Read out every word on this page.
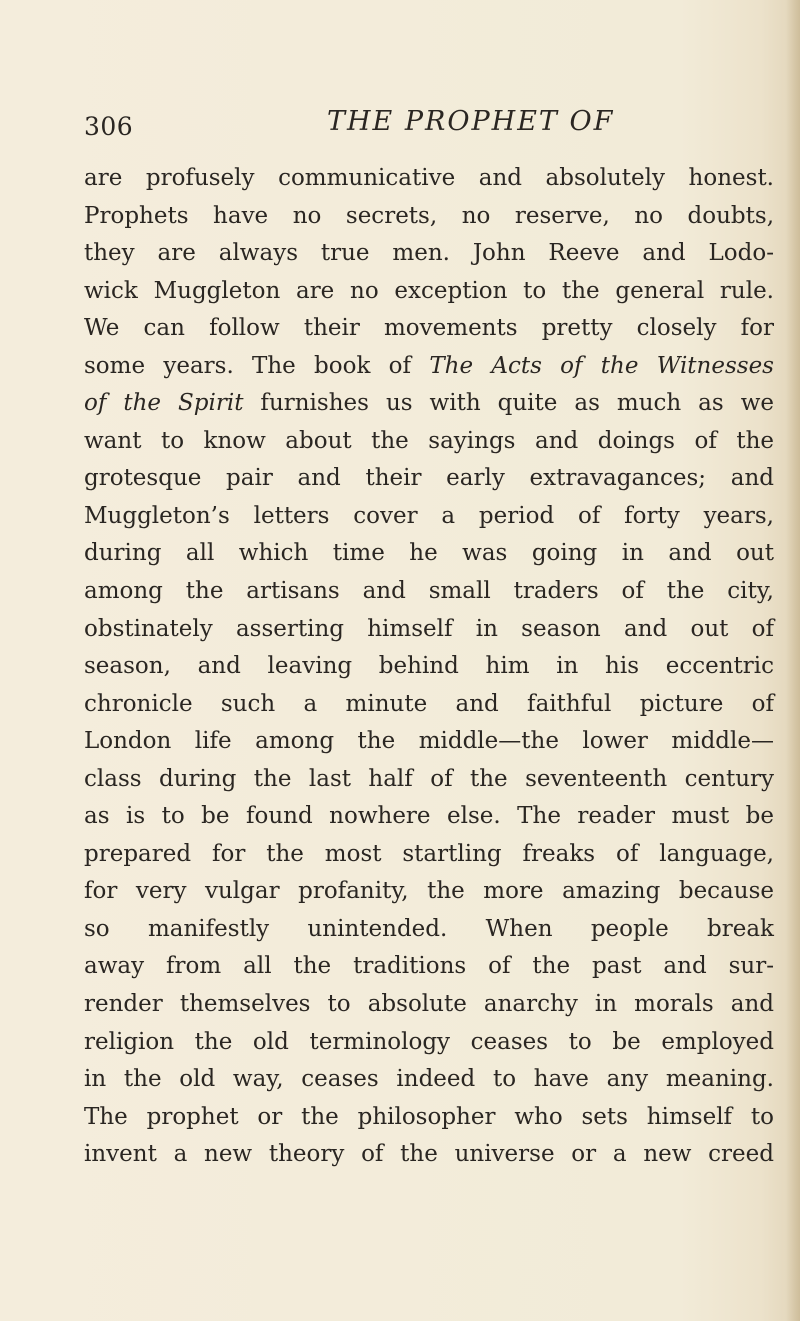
306	THE PROPHET OF
are profusely communicative and absolutely honest.
Prophets have no secrets, no reserve, no doubts,
they are always true men. John Reeve and Lodo-
wick Muggleton are no exception to the general rule.
We can follow their movements pretty closely for
some years. The book of The Acts of the Witnesses
of the Spirit furnishes us with quite as much as we
want to know about the sayings and doings of the
grotesque pair and their early extravagances; and
Muggleton’s letters cover a period of forty years,
during all which time he was going in and out
among the artisans and small traders of the city,
obstinately asserting himself in season and out of
season, and leaving behind him in his eccentric
chronicle such a minute and faithful picture of
London life among the middle—the lower middle—
class during the last half of the seventeenth century
as is to be found nowhere else. The reader must be
prepared for the most startling freaks of language,
for very vulgar profanity, the more amazing because
so manifestly unintended. When people break
away from all the traditions of the past and sur-
render themselves to absolute anarchy in morals and
religion the old terminology ceases to be employed
in the old way, ceases indeed to have any meaning.
The prophet or the philosopher who sets himself to
invent a new theory of the universe or a new creed
